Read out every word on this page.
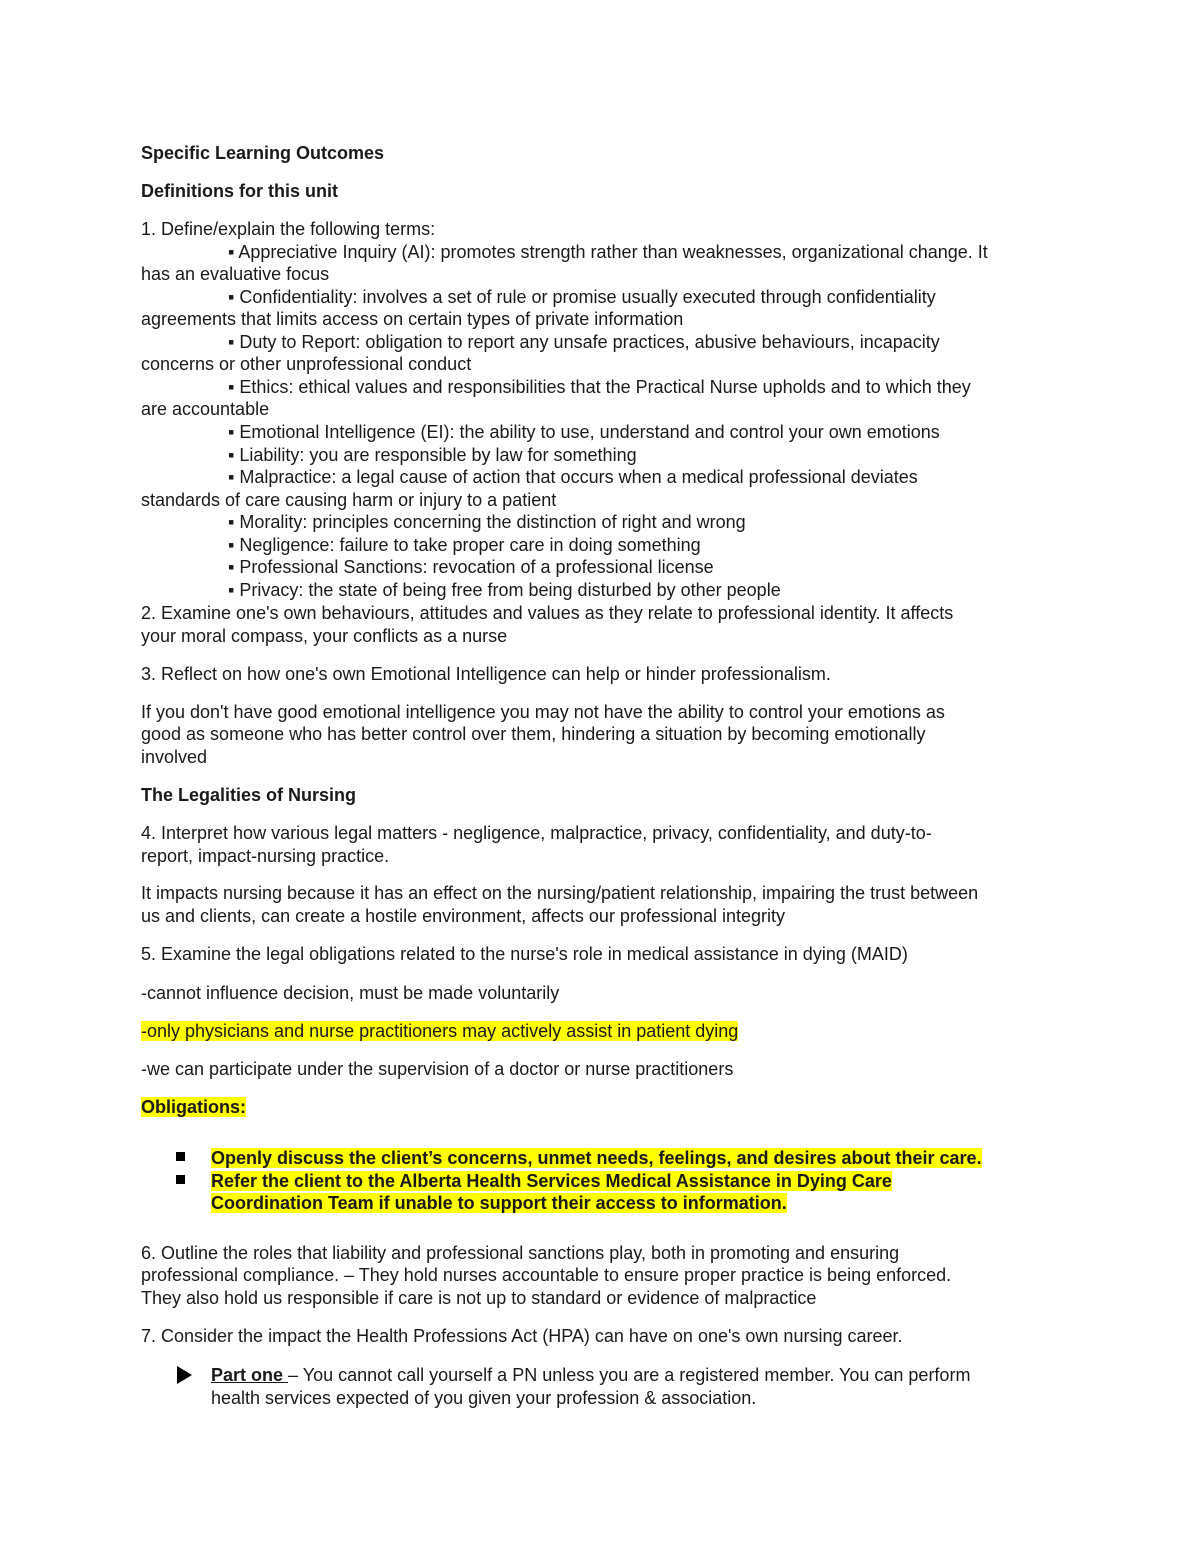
Specific Learning Outcomes
Definitions for this unit
1. Define/explain the following terms:
▪ Appreciative Inquiry (AI): promotes strength rather than weaknesses, organizational change. It
has an evaluative focus
▪ Confidentiality: involves a set of rule or promise usually executed through confidentiality
agreements that limits access on certain types of private information
▪ Duty to Report: obligation to report any unsafe practices, abusive behaviours, incapacity
concerns or other unprofessional conduct
▪ Ethics: ethical values and responsibilities that the Practical Nurse upholds and to which they
are accountable
▪ Emotional Intelligence (EI): the ability to use, understand and control your own emotions
▪ Liability: you are responsible by law for something
▪ Malpractice: a legal cause of action that occurs when a medical professional deviates
standards of care causing harm or injury to a patient
▪ Morality: principles concerning the distinction of right and wrong
▪ Negligence: failure to take proper care in doing something
▪ Professional Sanctions: revocation of a professional license
▪ Privacy: the state of being free from being disturbed by other people
2. Examine one's own behaviours, attitudes and values as they relate to professional identity. It affects
your moral compass, your conflicts as a nurse
3. Reflect on how one's own Emotional Intelligence can help or hinder professionalism.
If you don't have good emotional intelligence you may not have the ability to control your emotions as
good as someone who has better control over them, hindering a situation by becoming emotionally
involved
The Legalities of Nursing
4. Interpret how various legal matters - negligence, malpractice, privacy, confidentiality, and duty-to-
report, impact-nursing practice.
It impacts nursing because it has an effect on the nursing/patient relationship, impairing the trust between
us and clients, can create a hostile environment, affects our professional integrity
5. Examine the legal obligations related to the nurse's role in medical assistance in dying (MAID)
-cannot influence decision, must be made voluntarily
-only physicians and nurse practitioners may actively assist in patient dying
-we can participate under the supervision of a doctor or nurse practitioners
Obligations:
Openly discuss the client’s concerns, unmet needs, feelings, and desires about their care.
Refer the client to the Alberta Health Services Medical Assistance in Dying Care
Coordination Team if unable to support their access to information.
6. Outline the roles that liability and professional sanctions play, both in promoting and ensuring
professional compliance. – They hold nurses accountable to ensure proper practice is being enforced.
They also hold us responsible if care is not up to standard or evidence of malpractice
7. Consider the impact the Health Professions Act (HPA) can have on one's own nursing career.
Part one – You cannot call yourself a PN unless you are a registered member. You can perform
health services expected of you given your profession & association.
